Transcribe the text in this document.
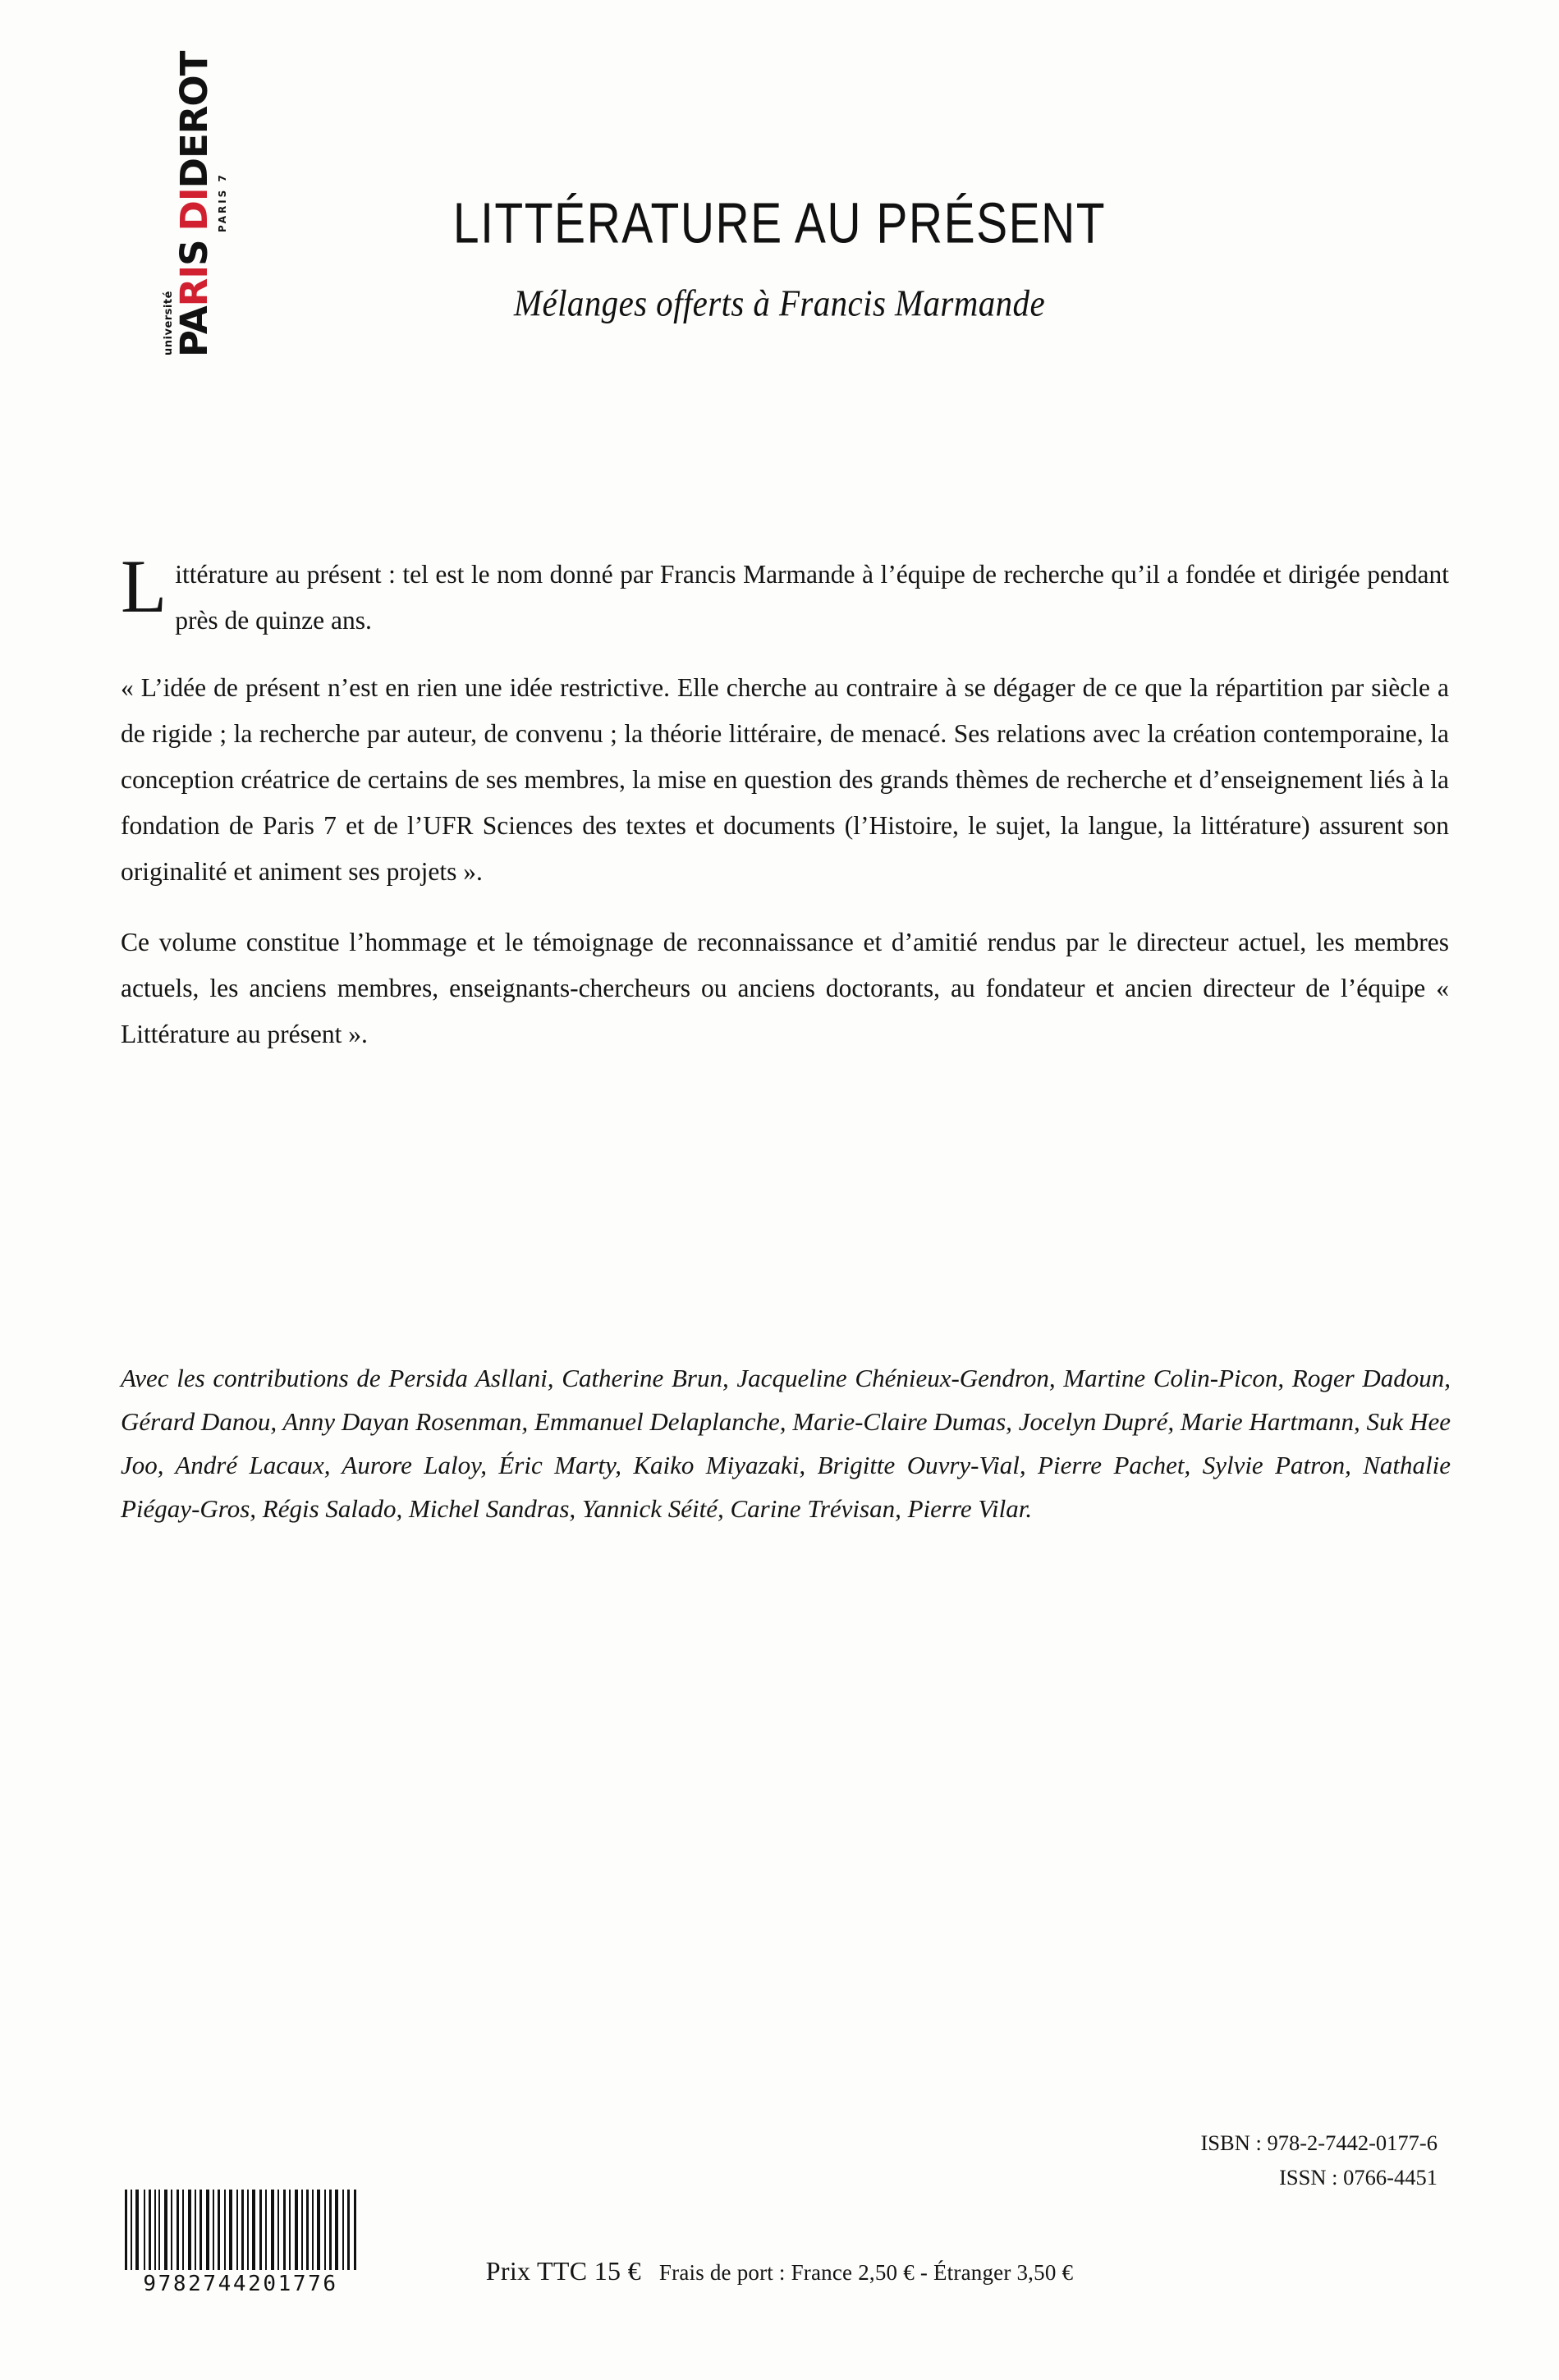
université
PA
RI
S
DI
DEROT
PARIS 7	LITTÉRATURE AU PRÉSENT
Mélanges offerts à Francis Marmande

Littérature au présent : tel est le nom donné par Francis Marmande à l’équipe de recherche qu’il a fondée et dirigée pendant près de quinze ans.

« L’idée de présent n’est en rien une idée restrictive. Elle cherche au contraire à se dégager de ce que la répartition par siècle a de rigide ; la recherche par auteur, de convenu ; la théorie littéraire, de menacé. Ses relations avec la création contemporaine, la conception créatrice de certains de ses membres, la mise en question des grands thèmes de recherche et d’enseignement liés à la fondation de Paris 7 et de l’UFR Sciences des textes et documents (l’Histoire, le sujet, la langue, la littérature) assurent son originalité et animent ses projets ».

Ce volume constitue l’hommage et le témoignage de reconnaissance et d’amitié rendus par le directeur actuel, les membres actuels, les anciens membres, enseignants-chercheurs ou anciens doctorants, au fondateur et ancien directeur de l’équipe « Littérature au présent ».

Avec les contributions de Persida Asllani, Catherine Brun, Jacqueline Chénieux-Gendron, Martine Colin-Picon, Roger Dadoun, Gérard Danou, Anny Dayan Rosenman, Emmanuel Delaplanche, Marie-Claire Dumas, Jocelyn Dupré, Marie Hartmann, Suk Hee Joo, André Lacaux, Aurore Laloy, Éric Marty, Kaiko Miyazaki, Brigitte Ouvry-Vial, Pierre Pachet, Sylvie Patron, Nathalie Piégay-Gros, Régis Salado, Michel Sandras, Yannick Séité, Carine Trévisan, Pierre Vilar.

9782744201776
ISBN : 978-2-7442-0177-6
ISSN : 0766-4451
Prix TTC 15 € Frais de port : France 2,50 € - Étranger 3,50 €
